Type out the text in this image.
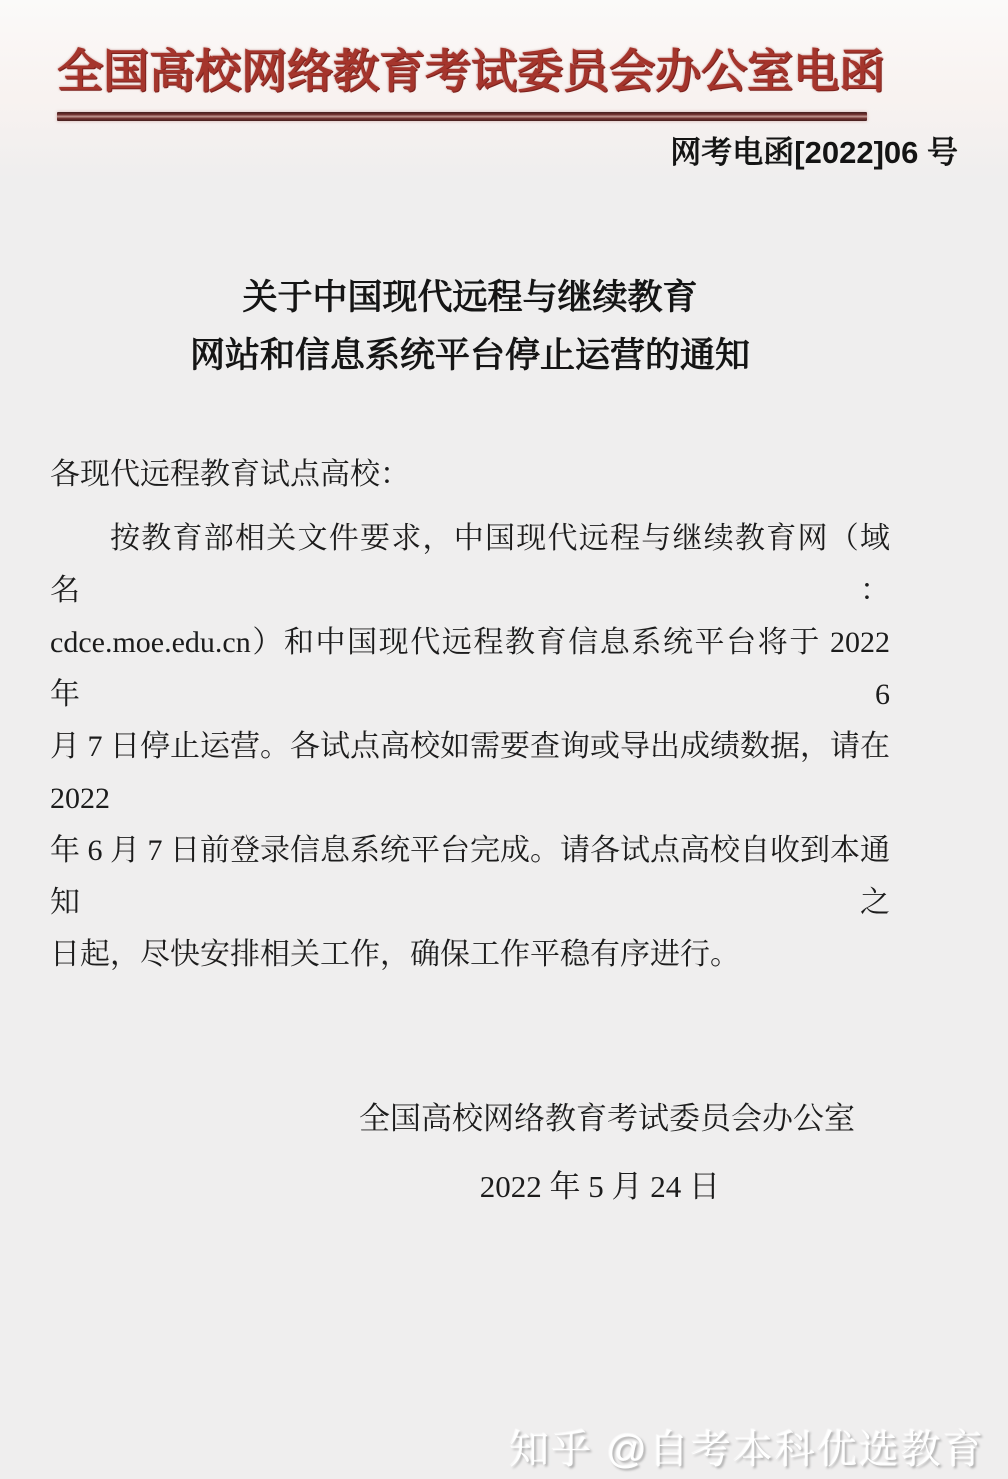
全国高校网络教育考试委员会办公室电函
网考电函[2022]06 号
关于中国现代远程与继续教育
网站和信息系统平台停止运营的通知
各现代远程教育试点高校：
按教育部相关文件要求，中国现代远程与继续教育网（域名：
cdce.moe.edu.cn）和中国现代远程教育信息系统平台将于 2022 年 6
月 7 日停止运营。各试点高校如需要查询或导出成绩数据，请在 2022
年 6 月 7 日前登录信息系统平台完成。请各试点高校自收到本通知之
日起，尽快安排相关工作，确保工作平稳有序进行。
全国高校网络教育考试委员会办公室
2022 年 5 月 24 日
知乎 @自考本科优选教育
